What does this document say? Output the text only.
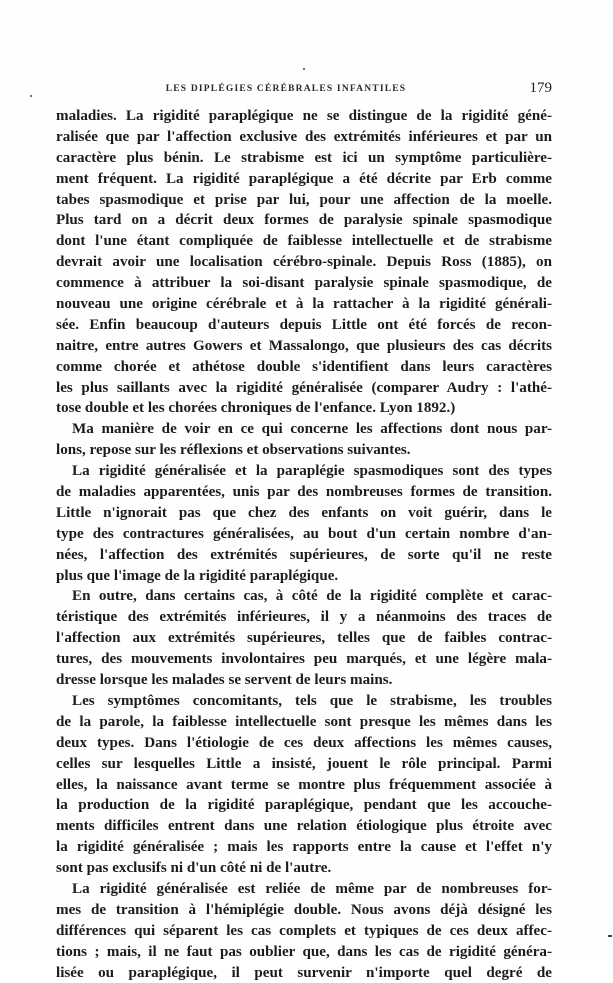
LES DIPLÉGIES CÉRÉBRALES INFANTILES	179
maladies. La rigidité paraplégique ne se distingue de la rigidité géné-
ralisée que par l'affection exclusive des extrémités inférieures et par un
caractère plus bénin. Le strabisme est ici un symptôme particulière-
ment fréquent. La rigidité paraplégique a été décrite par Erb comme
tabes spasmodique et prise par lui, pour une affection de la moelle.
Plus tard on a décrit deux formes de paralysie spinale spasmodique
dont l'une étant compliquée de faiblesse intellectuelle et de strabisme
devrait avoir une localisation cérébro-spinale. Depuis Ross (1885), on
commence à attribuer la soi-disant paralysie spinale spasmodique, de
nouveau une origine cérébrale et à la rattacher à la rigidité générali-
sée. Enfin beaucoup d'auteurs depuis Little ont été forcés de recon-
naitre, entre autres Gowers et Massalongo, que plusieurs des cas décrits
comme chorée et athétose double s'identifient dans leurs caractères
les plus saillants avec la rigidité généralisée (comparer Audry : l'athé-
tose double et les chorées chroniques de l'enfance. Lyon 1892.)
Ma manière de voir en ce qui concerne les affections dont nous par-
lons, repose sur les réflexions et observations suivantes.
La rigidité généralisée et la paraplégie spasmodiques sont des types
de maladies apparentées, unis par des nombreuses formes de transition.
Little n'ignorait pas que chez des enfants on voit guérir, dans le
type des contractures généralisées, au bout d'un certain nombre d'an-
nées, l'affection des extrémités supérieures, de sorte qu'il ne reste
plus que l'image de la rigidité paraplégique.
En outre, dans certains cas, à côté de la rigidité complète et carac-
téristique des extrémités inférieures, il y a néanmoins des traces de
l'affection aux extrémités supérieures, telles que de faibles contrac-
tures, des mouvements involontaires peu marqués, et une légère mala-
dresse lorsque les malades se servent de leurs mains.
Les symptômes concomitants, tels que le strabisme, les troubles
de la parole, la faiblesse intellectuelle sont presque les mêmes dans les
deux types. Dans l'étiologie de ces deux affections les mêmes causes,
celles sur lesquelles Little a insisté, jouent le rôle principal. Parmi
elles, la naissance avant terme se montre plus fréquemment associée à
la production de la rigidité paraplégique, pendant que les accouche-
ments difficiles entrent dans une relation étiologique plus étroite avec
la rigidité généralisée ; mais les rapports entre la cause et l'effet n'y
sont pas exclusifs ni d'un côté ni de l'autre.
La rigidité généralisée est reliée de même par de nombreuses for-
mes de transition à l'hémiplégie double. Nous avons déjà désigné les
différences qui séparent les cas complets et typiques de ces deux affec-
tions ; mais, il ne faut pas oublier que, dans les cas de rigidité généra-
lisée ou paraplégique, il peut survenir n'importe quel degré de
